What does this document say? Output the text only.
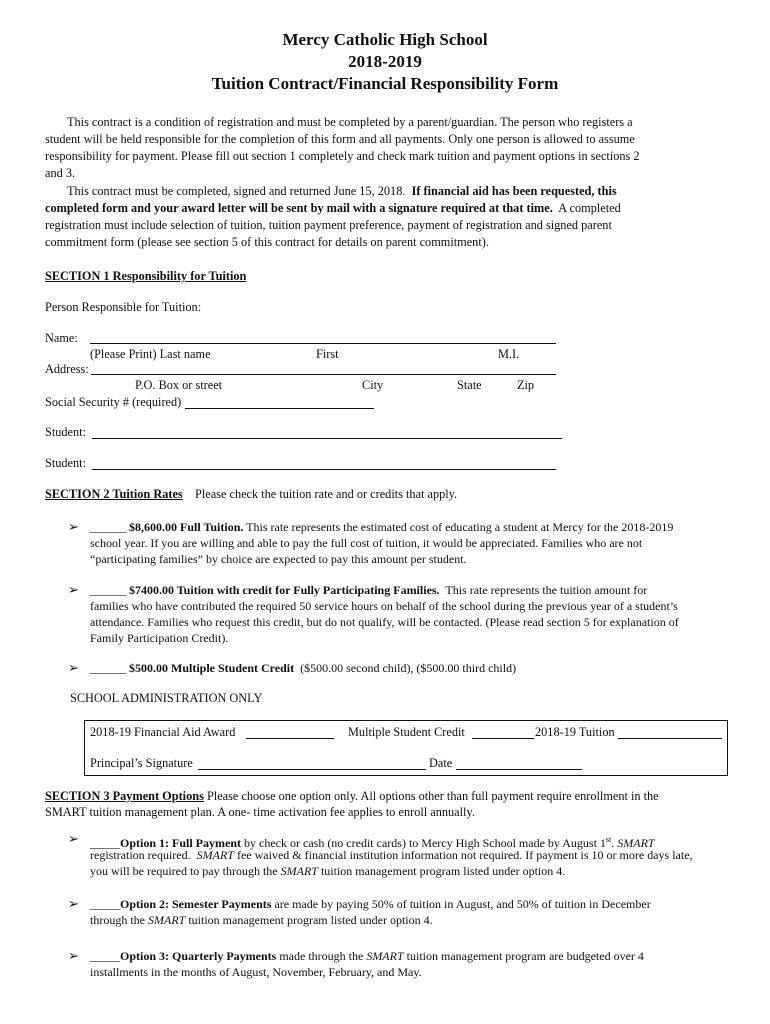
Mercy Catholic High School
2018-2019
Tuition Contract/Financial Responsibility Form
This contract is a condition of registration and must be completed by a parent/guardian. The person who registers a
student will be held responsible for the completion of this form and all payments. Only one person is allowed to assume
responsibility for payment. Please fill out section 1 completely and check mark tuition and payment options in sections 2
and 3.
This contract must be completed, signed and returned June 15, 2018. If financial aid has been requested, this
completed form and your award letter will be sent by mail with a signature required at that time. A completed
registration must include selection of tuition, tuition payment preference, payment of registration and signed parent
commitment form (please see section 5 of this contract for details on parent commitment).
SECTION 1 Responsibility for Tuition
Person Responsible for Tuition:
Name:
(Please Print) Last name	First	M.I.
Address:
P.O. Box or street	City	State	Zip
Social Security # (required)
Student:
Student:
SECTION 2 Tuition Rates Please check the tuition rate and or credits that apply.
➢ ______ $8,600.00 Full Tuition. This rate represents the estimated cost of educating a student at Mercy for the 2018-2019
school year. If you are willing and able to pay the full cost of tuition, it would be appreciated. Families who are not
“participating families” by choice are expected to pay this amount per student.
➢ ______ $7400.00 Tuition with credit for Fully Participating Families. This rate represents the tuition amount for
families who have contributed the required 50 service hours on behalf of the school during the previous year of a student’s
attendance. Families who request this credit, but do not qualify, will be contacted. (Please read section 5 for explanation of
Family Participation Credit).
➢ ______ $500.00 Multiple Student Credit ($500.00 second child), ($500.00 third child)
SCHOOL ADMINISTRATION ONLY
2018-19 Financial Aid Award	Multiple Student Credit	2018-19 Tuition
Principal’s Signature	Date
SECTION 3 Payment Options Please choose one option only. All options other than full payment require enrollment in the
SMART tuition management plan. A one- time activation fee applies to enroll annually.
➢ _____Option 1: Full Payment by check or cash (no credit cards) to Mercy High School made by August 1st. SMART
registration required. SMART fee waived & financial institution information not required. If payment is 10 or more days late,
you will be required to pay through the SMART tuition management program listed under option 4.
➢ _____Option 2: Semester Payments are made by paying 50% of tuition in August, and 50% of tuition in December
through the SMART tuition management program listed under option 4.
➢ _____Option 3: Quarterly Payments made through the SMART tuition management program are budgeted over 4
installments in the months of August, November, February, and May.
